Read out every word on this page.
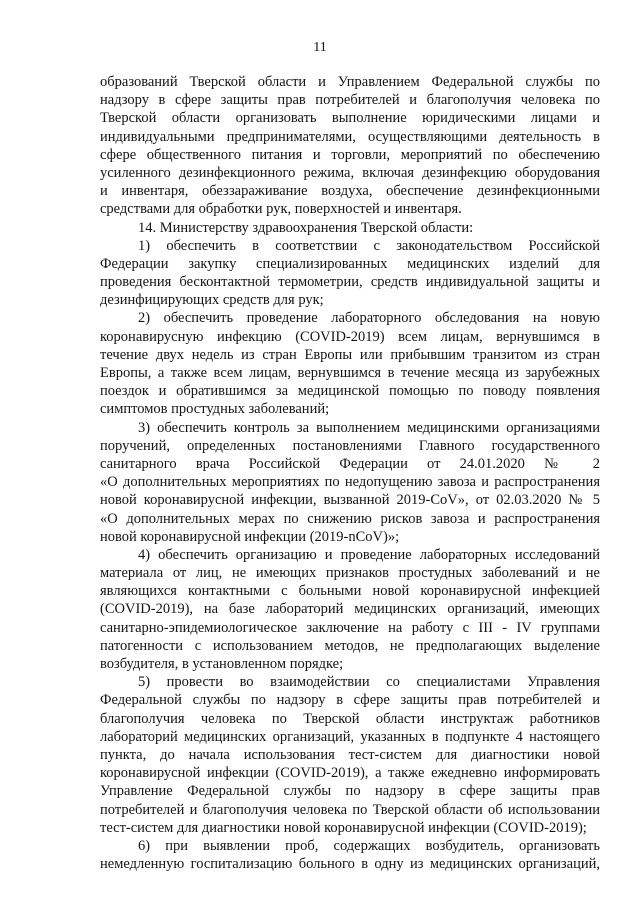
11
образований Тверской области и Управлением Федеральной службы по
надзору в сфере защиты прав потребителей и благополучия человека по
Тверской области организовать выполнение юридическими лицами и
индивидуальными предпринимателями, осуществляющими деятельность в
сфере общественного питания и торговли, мероприятий по обеспечению
усиленного дезинфекционного режима, включая дезинфекцию оборудования
и инвентаря, обеззараживание воздуха, обеспечение дезинфекционными
средствами для обработки рук, поверхностей и инвентаря.
14. Министерству здравоохранения Тверской области:
1) обеспечить в соответствии с законодательством Российской
Федерации закупку специализированных медицинских изделий для
проведения бесконтактной термометрии, средств индивидуальной защиты и
дезинфицирующих средств для рук;
2) обеспечить проведение лабораторного обследования на новую
коронавирусную инфекцию (COVID-2019) всем лицам, вернувшимся в
течение двух недель из стран Европы или прибывшим транзитом из стран
Европы, а также всем лицам, вернувшимся в течение месяца из зарубежных
поездок и обратившимся за медицинской помощью по поводу появления
симптомов простудных заболеваний;
3) обеспечить контроль за выполнением медицинскими организациями
поручений, определенных постановлениями Главного государственного
санитарного врача Российской Федерации от 24.01.2020 № 2
«О дополнительных мероприятиях по недопущению завоза и распространения
новой коронавирусной инфекции, вызванной 2019-CoV», от 02.03.2020 № 5
«О дополнительных мерах по снижению рисков завоза и распространения
новой коронавирусной инфекции (2019-nCoV)»;
4) обеспечить организацию и проведение лабораторных исследований
материала от лиц, не имеющих признаков простудных заболеваний и не
являющихся контактными с больными новой коронавирусной инфекцией
(COVID-2019), на базе лабораторий медицинских организаций, имеющих
санитарно-эпидемиологическое заключение на работу с III - IV группами
патогенности с использованием методов, не предполагающих выделение
возбудителя, в установленном порядке;
5) провести во взаимодействии со специалистами Управления
Федеральной службы по надзору в сфере защиты прав потребителей и
благополучия человека по Тверской области инструктаж работников
лабораторий медицинских организаций, указанных в подпункте 4 настоящего
пункта, до начала использования тест-систем для диагностики новой
коронавирусной инфекции (COVID-2019), а также ежедневно информировать
Управление Федеральной службы по надзору в сфере защиты прав
потребителей и благополучия человека по Тверской области об использовании
тест-систем для диагностики новой коронавирусной инфекции (COVID-2019);
6) при выявлении проб, содержащих возбудитель, организовать
немедленную госпитализацию больного в одну из медицинских организаций,
